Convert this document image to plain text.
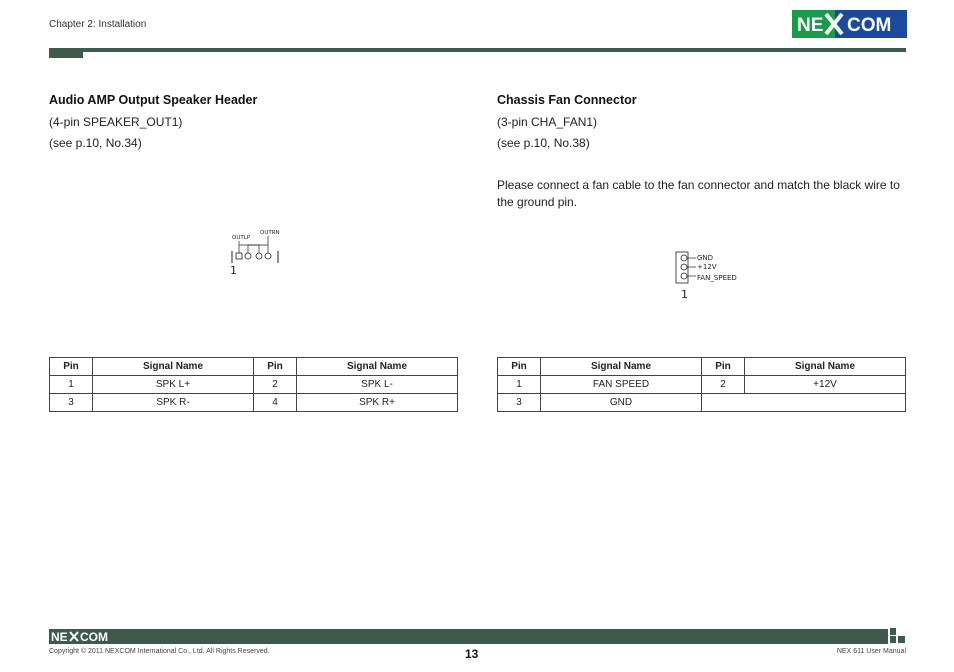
Chapter 2: Installation	NE COM
Audio AMP Output Speaker Header
(4-pin SPEAKER_OUT1)
(see p.10, No.34)
OUTLP
OUTRN
1
Pin	Signal Name	Pin	Signal Name
1	SPK L+	2	SPK L-
3	SPK R-	4	SPK R+
Chassis Fan Connector
(3-pin CHA_FAN1)
(see p.10, No.38)
Please connect a fan cable to the fan connector and match the black wire to the ground pin.
GND
+12V
FAN_SPEED
1
Pin	Signal Name	Pin	Signal Name
1	FAN SPEED	2	+12V
3	GND		
NE COM
Copyright © 2011 NEXCOM International Co., Ltd. All Rights Reserved.	13	NEX 611 User Manual
